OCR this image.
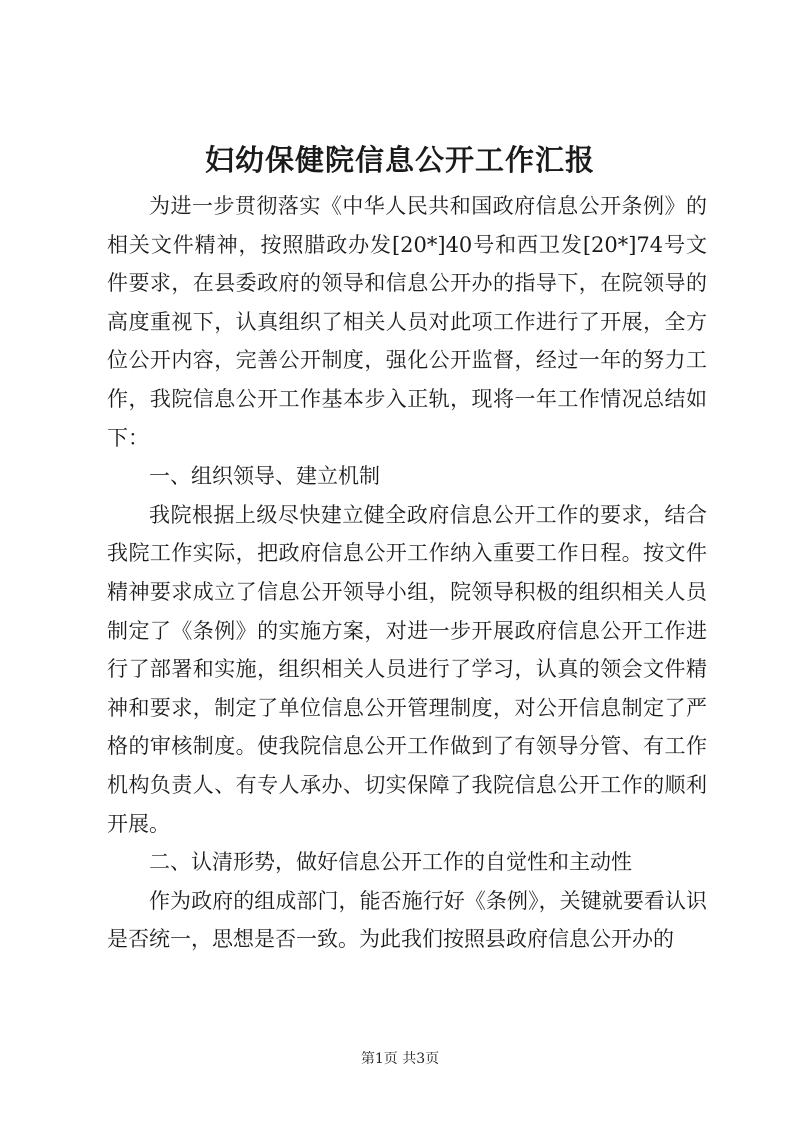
妇幼保健院信息公开工作汇报

为进一步贯彻落实《中华人民共和国政府信息公开条例》的相关文件精神，按照腊政办发[20*]40号和西卫发[20*]74号文件要求，在县委政府的领导和信息公开办的指导下，在院领导的高度重视下，认真组织了相关人员对此项工作进行了开展，全方位公开内容，完善公开制度，强化公开监督，经过一年的努力工作，我院信息公开工作基本步入正轨，现将一年工作情况总结如下：

一、组织领导、建立机制

我院根据上级尽快建立健全政府信息公开工作的要求，结合我院工作实际，把政府信息公开工作纳入重要工作日程。按文件精神要求成立了信息公开领导小组，院领导积极的组织相关人员制定了《条例》的实施方案，对进一步开展政府信息公开工作进行了部署和实施，组织相关人员进行了学习，认真的领会文件精神和要求，制定了单位信息公开管理制度，对公开信息制定了严格的审核制度。使我院信息公开工作做到了有领导分管、有工作机构负责人、有专人承办、切实保障了我院信息公开工作的顺利开展。

二、认清形势，做好信息公开工作的自觉性和主动性

作为政府的组成部门，能否施行好《条例》，关键就要看认识是否统一，思想是否一致。为此我们按照县政府信息公开办的

第1页 共3页
